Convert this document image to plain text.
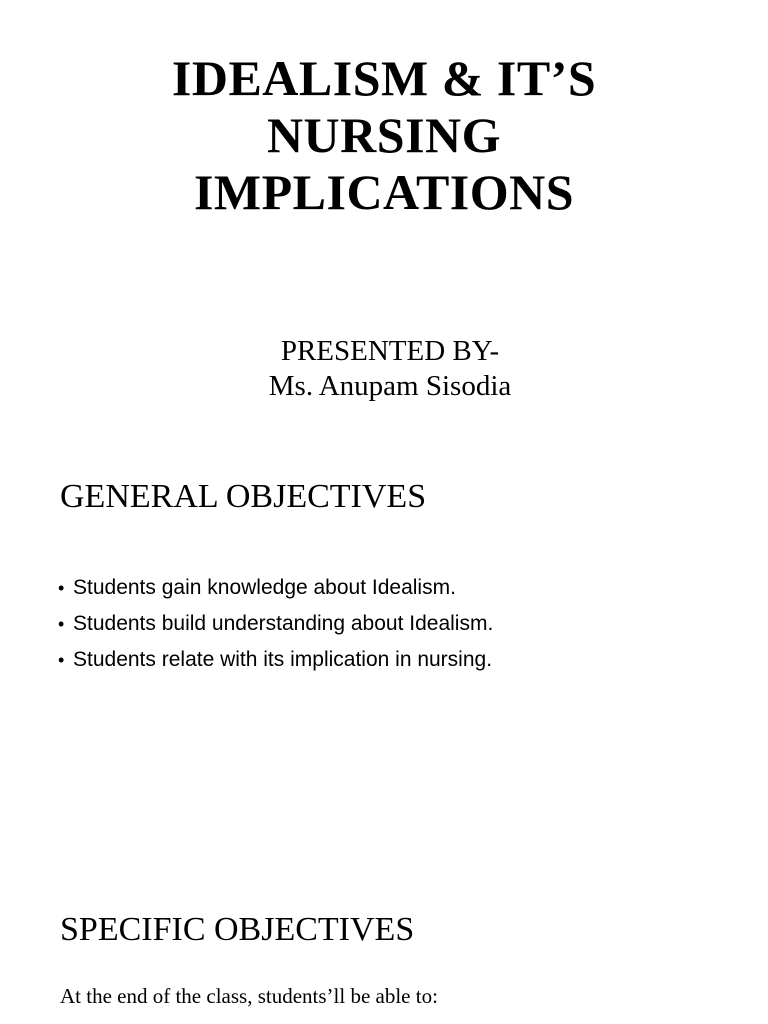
IDEALISM & IT’S
NURSING
IMPLICATIONS
PRESENTED BY-
Ms. Anupam Sisodia
GENERAL OBJECTIVES
• Students gain knowledge about Idealism.
• Students build understanding about Idealism.
• Students relate with its implication in nursing.
SPECIFIC OBJECTIVES
At the end of the class, students’ll be able to:
